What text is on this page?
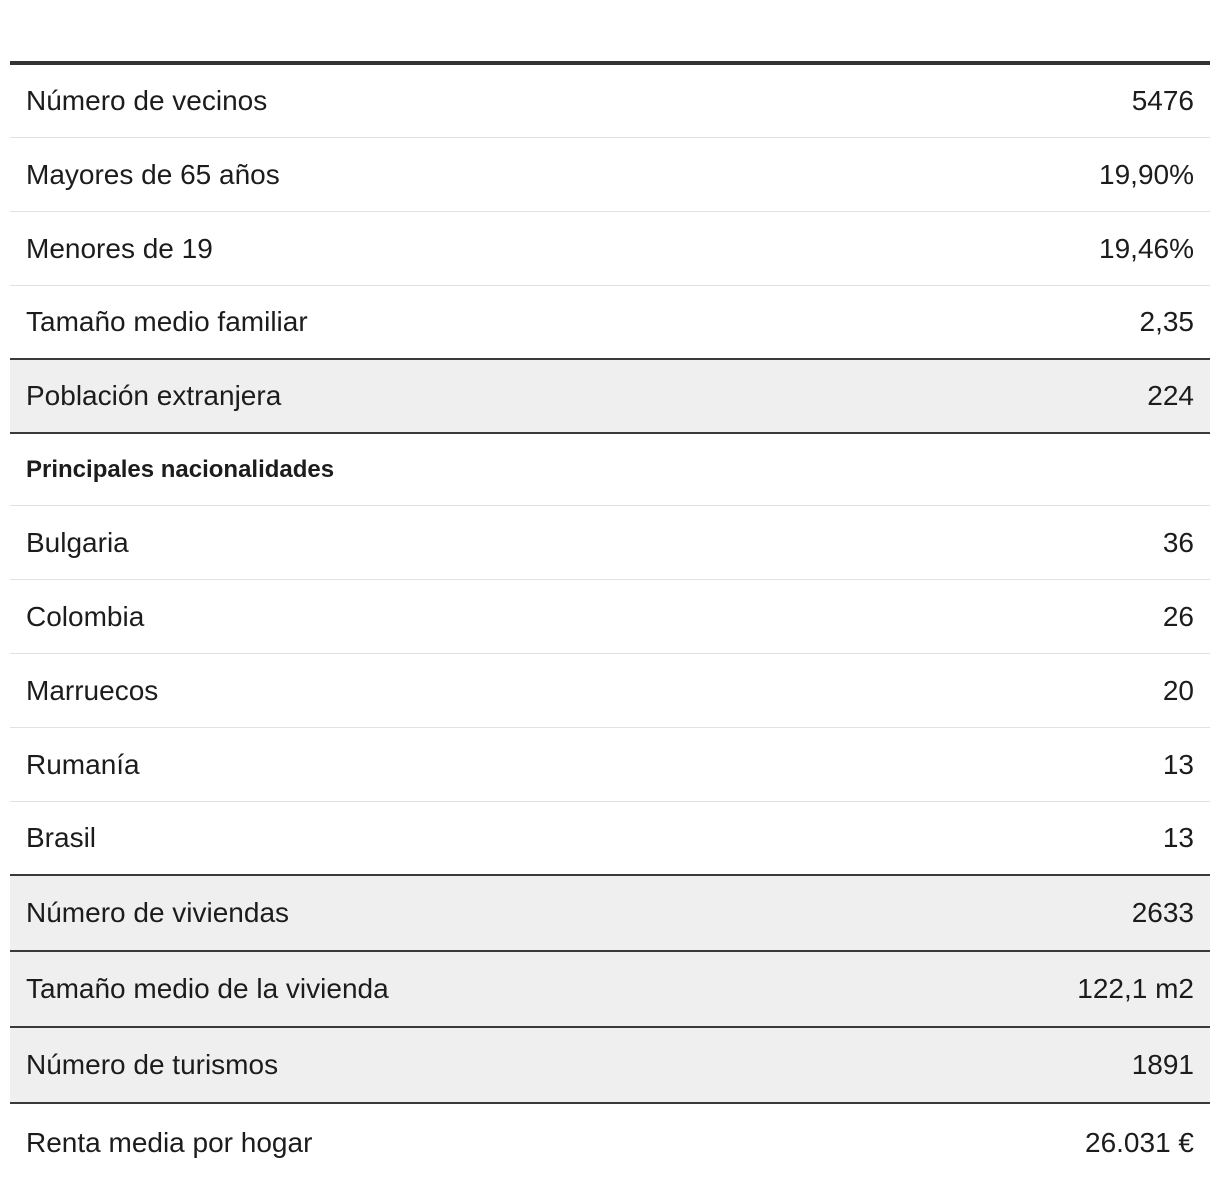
Número de vecinos	5476
Mayores de 65 años	19,90%
Menores de 19	19,46%
Tamaño medio familiar	2,35
Población extranjera	224
Principales nacionalidades
Bulgaria	36
Colombia	26
Marruecos	20
Rumanía	13
Brasil	13
Número de viviendas	2633
Tamaño medio de la vivienda	122,1 m2
Número de turismos	1891
Renta media por hogar	26.031 €
